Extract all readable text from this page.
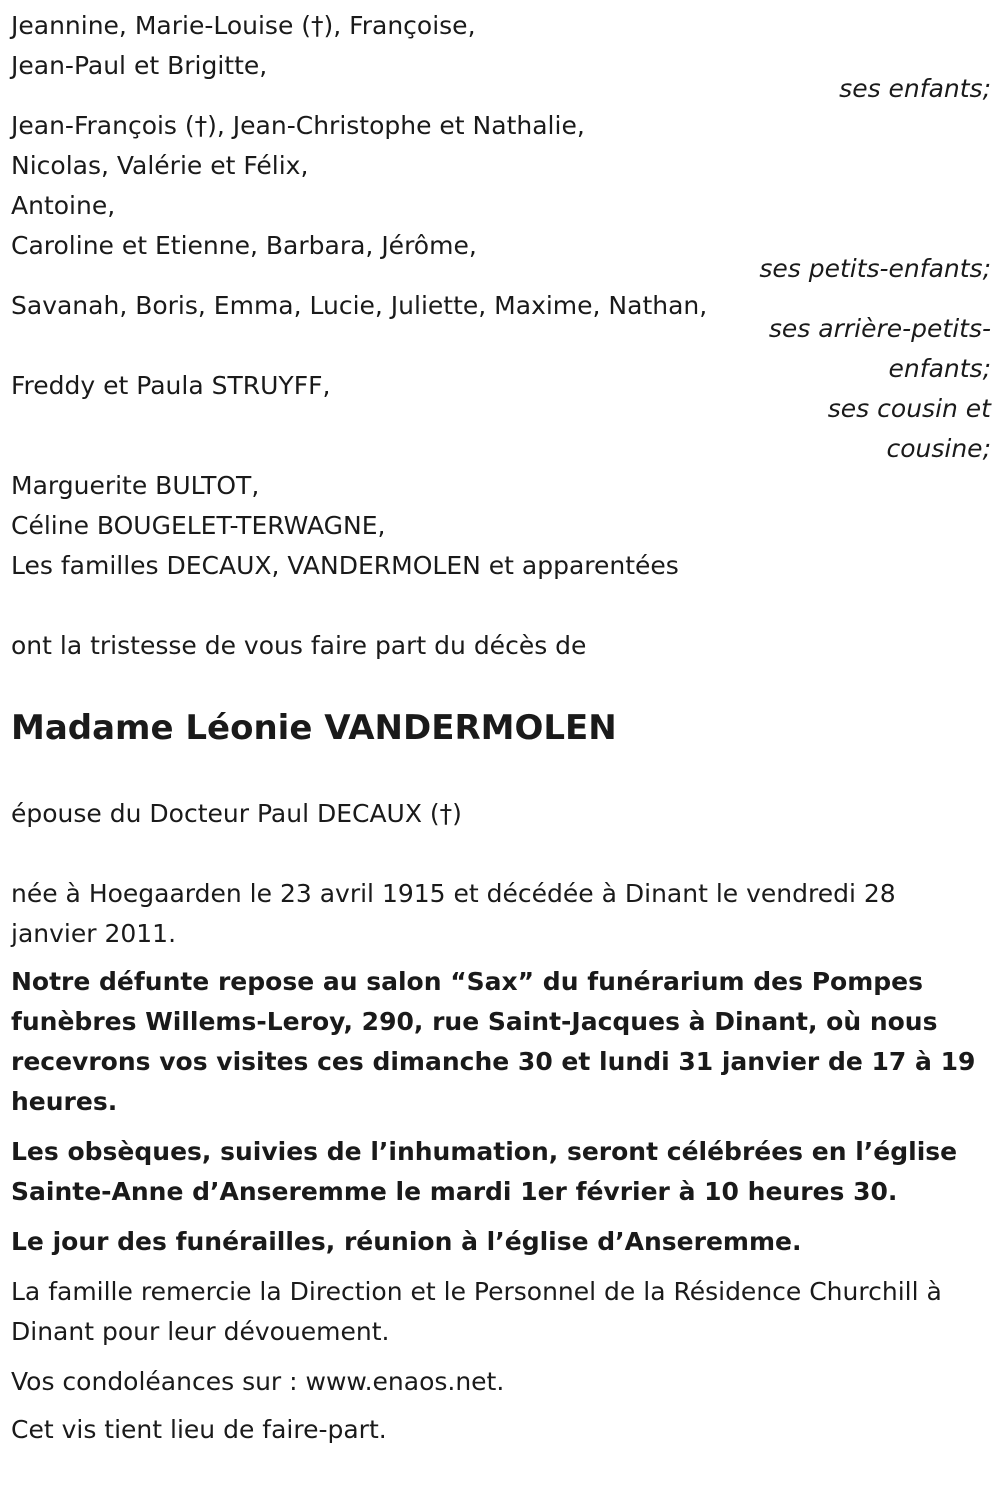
Jeannine, Marie-Louise (†), Françoise,
Jean-Paul et Brigitte,
ses enfants;
Jean-François (†), Jean-Christophe et Nathalie,
Nicolas, Valérie et Félix,
Antoine,
Caroline et Etienne, Barbara, Jérôme,
ses petits-enfants;
Savanah, Boris, Emma, Lucie, Juliette, Maxime, Nathan,
ses arrière-petits-
enfants;
Freddy et Paula STRUYFF,
ses cousin et
cousine;
Marguerite BULTOT,
Céline BOUGELET-TERWAGNE,
Les familles DECAUX, VANDERMOLEN et apparentées
ont la tristesse de vous faire part du décès de
Madame Léonie VANDERMOLEN
épouse du Docteur Paul DECAUX (†)
née à Hoegaarden le 23 avril 1915 et décédée à Dinant le vendredi 28 janvier 2011.
Notre défunte repose au salon “Sax” du funérarium des Pompes funèbres Willems-Leroy, 290, rue Saint-Jacques à Dinant, où nous recevrons vos visites ces dimanche 30 et lundi 31 janvier de 17 à 19 heures.
Les obsèques, suivies de l’inhumation, seront célébrées en l’église Sainte-Anne d’Anseremme le mardi 1er février à 10 heures 30.
Le jour des funérailles, réunion à l’église d’Anseremme.
La famille remercie la Direction et le Personnel de la Résidence Churchill à Dinant pour leur dévouement.
Vos condoléances sur : www.enaos.net.
Cet vis tient lieu de faire-part.
